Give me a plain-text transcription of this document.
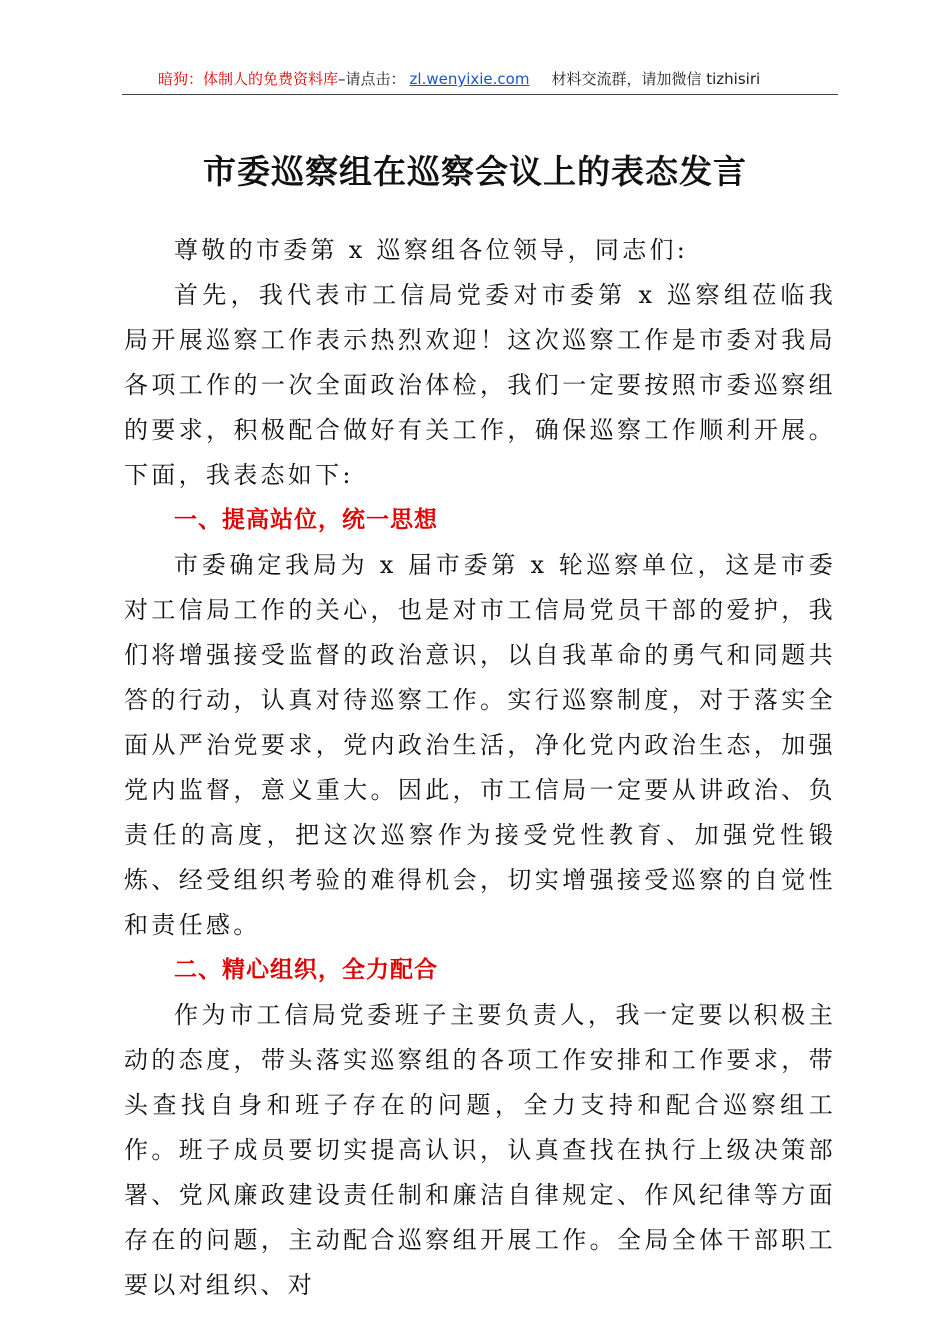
暗狗：体制人的免费资料库–请点击： zl.wenyixie.com 材料交流群，请加微信 tizhisiri
市委巡察组在巡察会议上的表态发言

尊敬的市委第 x 巡察组各位领导，同志们:

首先，我代表市工信局党委对市委第 x 巡察组莅临我局开展巡察工作表示热烈欢迎！这次巡察工作是市委对我局各项工作的一次全面政治体检，我们一定要按照市委巡察组的要求，积极配合做好有关工作，确保巡察工作顺利开展。下面，我表态如下:

一、提高站位，统一思想

市委确定我局为 x 届市委第 x 轮巡察单位，这是市委对工信局工作的关心，也是对市工信局党员干部的爱护，我们将增强接受监督的政治意识，以自我革命的勇气和同题共答的行动，认真对待巡察工作。实行巡察制度，对于落实全面从严治党要求，党内政治生活，净化党内政治生态，加强党内监督，意义重大。因此，市工信局一定要从讲政治、负责任的高度，把这次巡察作为接受党性教育、加强党性锻炼、经受组织考验的难得机会，切实增强接受巡察的自觉性和责任感。

二、精心组织，全力配合

作为市工信局党委班子主要负责人，我一定要以积极主动的态度，带头落实巡察组的各项工作安排和工作要求，带头查找自身和班子存在的问题，全力支持和配合巡察组工作。班子成员要切实提高认识，认真查找在执行上级决策部署、党风廉政建设责任制和廉洁自律规定、作风纪律等方面存在的问题，主动配合巡察组开展工作。全局全体干部职工要以对组织、对
